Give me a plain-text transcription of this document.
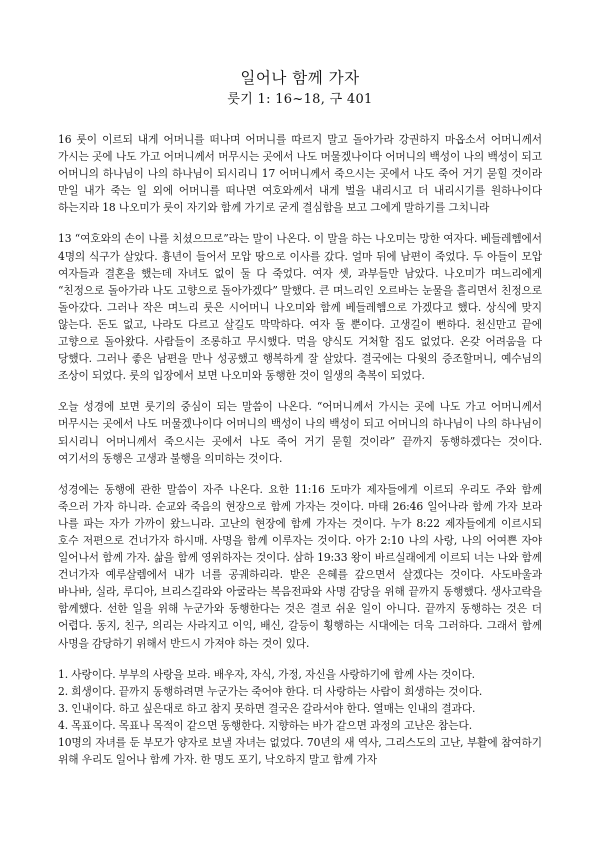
일어나 함께 가자
룻기 1: 16~18, 구 401

16 룻이 이르되 내게 어머니를 떠나며 어머니를 따르지 말고 돌아가라 강권하지 마옵소서 어머니께서 가시는 곳에 나도 가고 어머니께서 머무시는 곳에서 나도 머물겠나이다 어머니의 백성이 나의 백성이 되고 어머니의 하나님이 나의 하나님이 되시리니 17 어머니께서 죽으시는 곳에서 나도 죽어 거기 묻힐 것이라 만일 내가 죽는 일 외에 어머니를 떠나면 여호와께서 내게 벌을 내리시고 더 내리시기를 원하나이다 하는지라 18 나오미가 룻이 자기와 함께 가기로 굳게 결심함을 보고 그에게 말하기를 그치니라

13 “여호와의 손이 나를 치셨으므로”라는 말이 나온다. 이 말을 하는 나오미는 망한 여자다. 베들레헴에서 4명의 식구가 살았다. 흉년이 들어서 모압 땅으로 이사를 갔다. 얼마 뒤에 남편이 죽었다. 두 아들이 모압 여자들과 결혼을 했는데 자녀도 없이 둘 다 죽었다. 여자 셋, 과부들만 남았다. 나오미가 며느리에게 “친정으로 돌아가라 나도 고향으로 돌아가겠다” 말했다. 큰 며느리인 오르바는 눈물을 흘리면서 친정으로 돌아갔다. 그러나 작은 며느리 룻은 시어머니 나오미와 함께 베들레헴으로 가겠다고 했다. 상식에 맞지 않는다. 돈도 없고, 나라도 다르고 살길도 막막하다. 여자 둘 뿐이다. 고생길이 뻔하다. 천신만고 끝에 고향으로 돌아왔다. 사람들이 조롱하고 무시했다. 먹을 양식도 거처할 집도 없었다. 온갖 어려움을 다 당했다. 그러나 좋은 남편을 만나 성공했고 행복하게 잘 살았다. 결국에는 다윗의 증조할머니, 예수님의 조상이 되었다. 룻의 입장에서 보면 나오미와 동행한 것이 일생의 축복이 되었다.

오늘 성경에 보면 룻기의 중심이 되는 말씀이 나온다. “어머니께서 가시는 곳에 나도 가고 어머니께서 머무시는 곳에서 나도 머물겠나이다 어머니의 백성이 나의 백성이 되고 어머니의 하나님이 나의 하나님이 되시리니 어머니께서 죽으시는 곳에서 나도 죽어 거기 묻힐 것이라” 끝까지 동행하겠다는 것이다. 여기서의 동행은 고생과 불행을 의미하는 것이다.

성경에는 동행에 관한 말씀이 자주 나온다. 요한 11:16 도마가 제자들에게 이르되 우리도 주와 함께 죽으러 가자 하니라. 순교와 죽음의 현장으로 함께 가자는 것이다. 마태 26:46 일어나라 함께 가자 보라 나를 파는 자가 가까이 왔느니라. 고난의 현장에 함께 가자는 것이다. 누가 8:22 제자들에게 이르시되 호수 저편으로 건너가자 하시매. 사명을 함께 이루자는 것이다. 아가 2:10 나의 사랑, 나의 어여쁜 자야 일어나서 함께 가자. 삶을 함께 영위하자는 것이다. 삼하 19:33 왕이 바르실래에게 이르되 너는 나와 함께 건너가자 예루살렘에서 내가 너를 공궤하리라. 받은 은혜를 갚으면서 살겠다는 것이다. 사도바울과 바나바, 실라, 루디아, 브리스길라와 아굴라는 복음전파와 사명 감당을 위해 끝까지 동행했다. 생사고락을 함께했다. 선한 일을 위해 누군가와 동행한다는 것은 결코 쉬운 일이 아니다. 끝까지 동행하는 것은 더 어렵다. 동지, 친구, 의리는 사라지고 이익, 배신, 갈등이 횡행하는 시대에는 더욱 그러하다. 그래서 함께 사명을 감당하기 위해서 반드시 가져야 하는 것이 있다.

1. 사랑이다. 부부의 사랑을 보라. 배우자, 자식, 가정, 자신을 사랑하기에 함께 사는 것이다.
2. 희생이다. 끝까지 동행하려면 누군가는 죽어야 한다. 더 사랑하는 사람이 희생하는 것이다.
3. 인내이다. 하고 싶은대로 하고 참지 못하면 결국은 갈라서야 한다. 열매는 인내의 결과다.
4. 목표이다. 목표나 목적이 같으면 동행한다. 지향하는 바가 같으면 과정의 고난은 참는다.
10명의 자녀를 둔 부모가 양자로 보낼 자녀는 없었다. 70년의 새 역사, 그리스도의 고난, 부활에 참여하기 위해 우리도 일어나 함께 가자. 한 명도 포기, 낙오하지 말고 함께 가자
